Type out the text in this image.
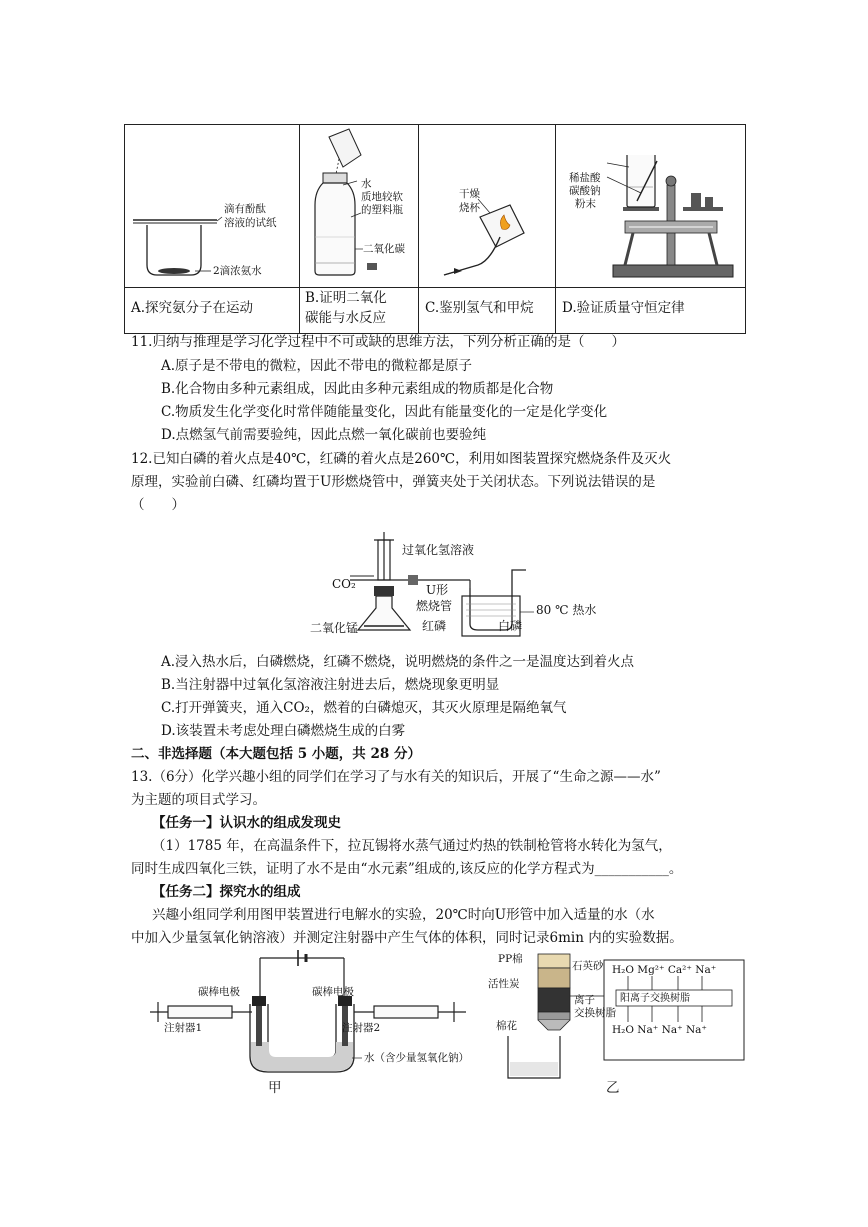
滴有酚酞
溶液的试纸
2滴浓氨水
水
质地较软
的塑料瓶
二氧化碳
干燥
烧杯
稀盐酸
碳酸钠
粉末
A.探究氨分子在运动
B.证明二氧化
碳能与水反应
C.鉴别氢气和甲烷 D.验证质量守恒定律
11.归纳与推理是学习化学过程中不可或缺的思维方法，下列分析正确的是（　　）
A.原子是不带电的微粒，因此不带电的微粒都是原子
B.化合物由多种元素组成，因此由多种元素组成的物质都是化合物
C.物质发生化学变化时常伴随能量变化，因此有能量变化的一定是化学变化
D.点燃氢气前需要验纯，因此点燃一氧化碳前也要验纯
12.已知白磷的着火点是40℃，红磷的着火点是260℃，利用如图装置探究燃烧条件及灭火
原理，实验前白磷、红磷均置于U形燃烧管中，弹簧夹处于关闭状态。下列说法错误的是
（　　）
过氧化氢溶液
CO₂	U形
燃烧管	80 ℃ 热水
二氧化锰	红磷	白磷
A.浸入热水后，白磷燃烧，红磷不燃烧，说明燃烧的条件之一是温度达到着火点
B.当注射器中过氧化氢溶液注射进去后，燃烧现象更明显
C.打开弹簧夹，通入CO₂，燃着的白磷熄灭，其灭火原理是隔绝氧气
D.该装置未考虑处理白磷燃烧生成的白雾
二、非选择题（本大题包括 5 小题，共 28 分）
13.（6分）化学兴趣小组的同学们在学习了与水有关的知识后，开展了“生命之源——水”
为主题的项目式学习。
【任务一】认识水的组成发现史
（1）1785 年，在高温条件下，拉瓦锡将水蒸气通过灼热的铁制枪管将水转化为氢气，
同时生成四氧化三铁，证明了水不是由“水元素”组成的,该反应的化学方程式为___________。
【任务二】探究水的组成
兴趣小组同学利用图甲装置进行电解水的实验，20℃时向U形管中加入适量的水（水
中加入少量氢氧化钠溶液）并测定注射器中产生气体的体积，同时记录6min 内的实验数据。
碳棒电极	碳棒电极
注射器1	注射器2
水（含少量氢氧化钠）
甲
PP棉
石英砂
活性炭
离子
交换树脂
棉花
H₂O Mg²⁺ Ca²⁺ Na⁺
阳离子交换树脂
H₂O Na⁺ Na⁺ Na⁺
乙
